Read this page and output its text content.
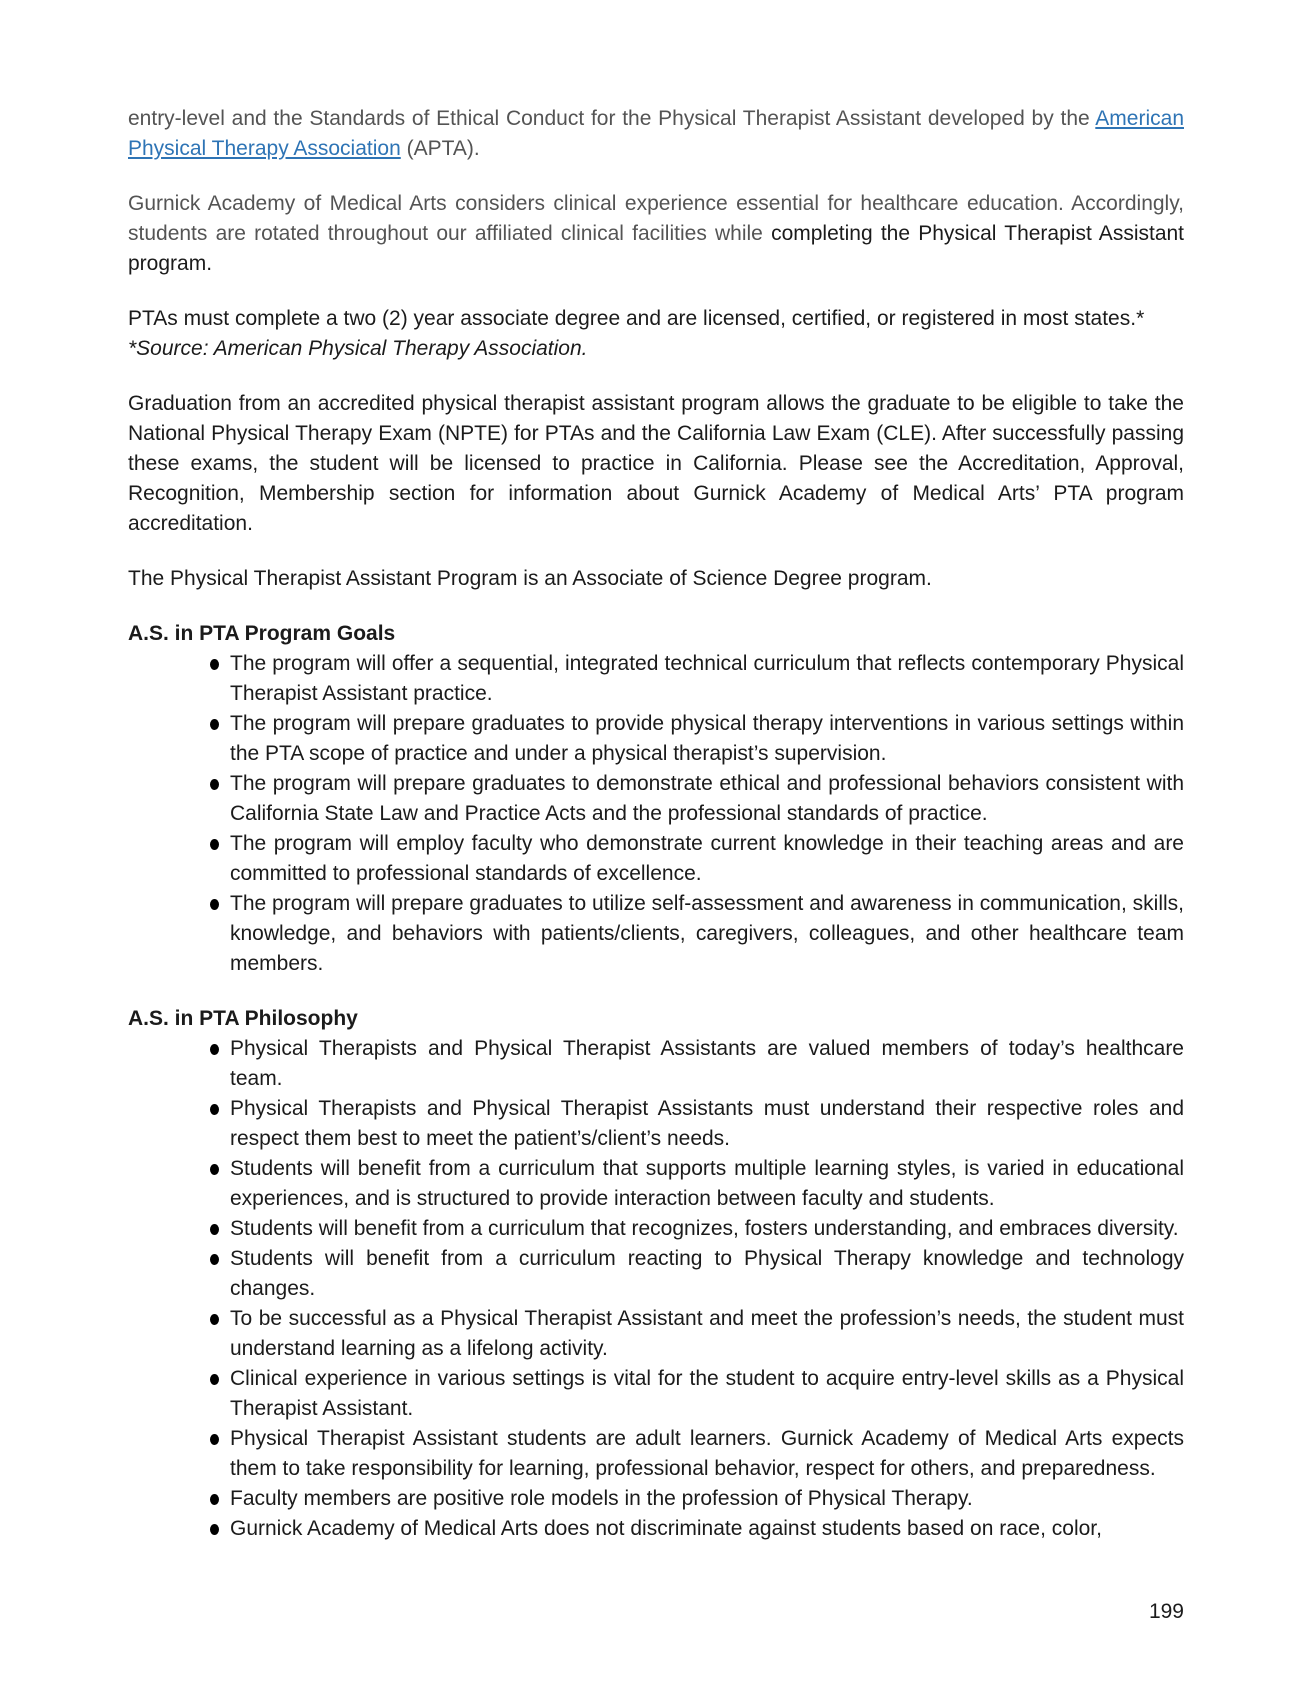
entry-level and the Standards of Ethical Conduct for the Physical Therapist Assistant developed by the American Physical Therapy Association (APTA).

Gurnick Academy of Medical Arts considers clinical experience essential for healthcare education. Accordingly, students are rotated throughout our affiliated clinical facilities while completing the Physical Therapist Assistant program.

PTAs must complete a two (2) year associate degree and are licensed, certified, or registered in most states.*
*Source: American Physical Therapy Association.

Graduation from an accredited physical therapist assistant program allows the graduate to be eligible to take the National Physical Therapy Exam (NPTE) for PTAs and the California Law Exam (CLE). After successfully passing these exams, the student will be licensed to practice in California. Please see the Accreditation, Approval, Recognition, Membership section for information about Gurnick Academy of Medical Arts’ PTA program accreditation.

The Physical Therapist Assistant Program is an Associate of Science Degree program.

A.S. in PTA Program Goals
The program will offer a sequential, integrated technical curriculum that reflects contemporary Physical Therapist Assistant practice.
The program will prepare graduates to provide physical therapy interventions in various settings within the PTA scope of practice and under a physical therapist’s supervision.
The program will prepare graduates to demonstrate ethical and professional behaviors consistent with California State Law and Practice Acts and the professional standards of practice.
The program will employ faculty who demonstrate current knowledge in their teaching areas and are committed to professional standards of excellence.
The program will prepare graduates to utilize self-assessment and awareness in communication, skills, knowledge, and behaviors with patients/clients, caregivers, colleagues, and other healthcare team members.
A.S. in PTA Philosophy
Physical Therapists and Physical Therapist Assistants are valued members of today’s healthcare team.
Physical Therapists and Physical Therapist Assistants must understand their respective roles and respect them best to meet the patient’s/client’s needs.
Students will benefit from a curriculum that supports multiple learning styles, is varied in educational experiences, and is structured to provide interaction between faculty and students.
Students will benefit from a curriculum that recognizes, fosters understanding, and embraces diversity.
Students will benefit from a curriculum reacting to Physical Therapy knowledge and technology changes.
To be successful as a Physical Therapist Assistant and meet the profession’s needs, the student must understand learning as a lifelong activity.
Clinical experience in various settings is vital for the student to acquire entry-level skills as a Physical Therapist Assistant.
Physical Therapist Assistant students are adult learners. Gurnick Academy of Medical Arts expects them to take responsibility for learning, professional behavior, respect for others, and preparedness.
Faculty members are positive role models in the profession of Physical Therapy.
Gurnick Academy of Medical Arts does not discriminate against students based on race, color,
199
